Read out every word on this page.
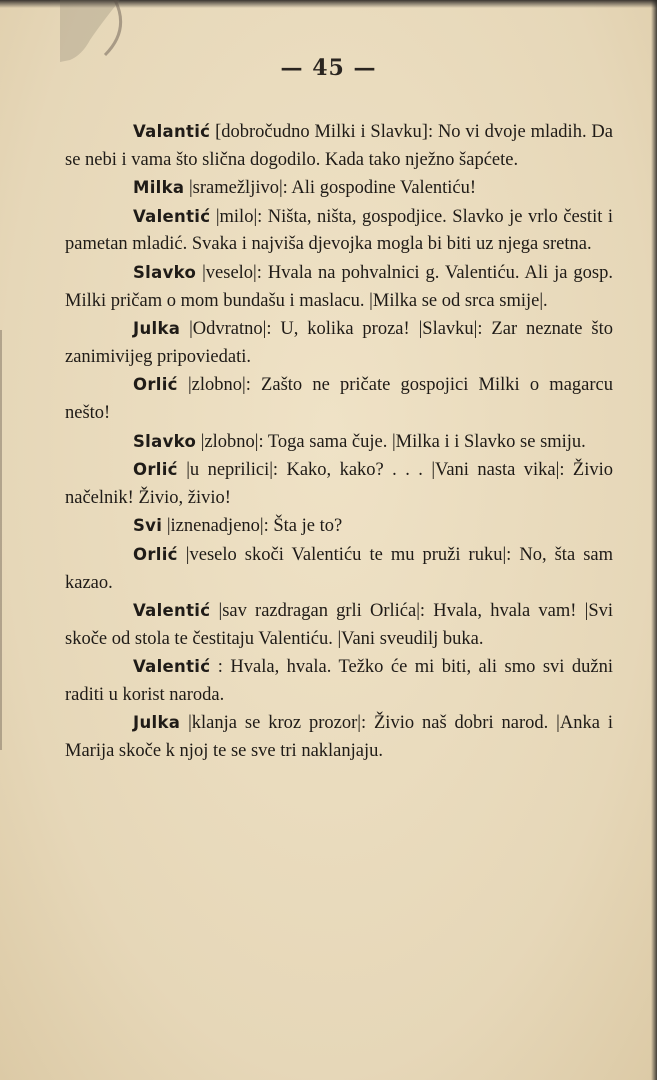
— 45 —

Valantić [dobročudno Milki i Slavku]: No vi dvoje mladih. Da se nebi i vama što slična dogodilo. Kada tako nježno šapćete.

Milka |sramežljivo|: Ali gospodine Valentiću!

Valentić |milo|: Ništa, ništa, gospodjice. Slavko je vrlo čestit i pametan mladić. Svaka i najviša djevojka mogla bi biti uz njega sretna.

Slavko |veselo|: Hvala na pohvalnici g. Valentiću. Ali ja gosp. Milki pričam o mom bundašu i maslacu. |Milka se od srca smije|.

Julka |Odvratno|: U, kolika proza! |Slavku|: Zar neznate što zanimivijeg pripoviedati.

Orlić |zlobno|: Zašto ne pričate gospojici Milki o magarcu nešto!

Slavko |zlobno|: Toga sama čuje. |Milka i i Slavko se smiju.

Orlić |u neprilici|: Kako, kako? . . . |Vani nasta vika|: Živio načelnik! Živio, živio!

Svi |iznenadjeno|: Šta je to?

Orlić |veselo skoči Valentiću te mu pruži ruku|: No, šta sam kazao.

Valentić |sav razdragan grli Orlića|: Hvala, hvala vam! |Svi skoče od stola te čestitaju Valentiću. |Vani sveudilj buka.

Valentić : Hvala, hvala. Težko će mi biti, ali smo svi dužni raditi u korist naroda.

Julka |klanja se kroz prozor|: Živio naš dobri narod. |Anka i Marija skoče k njoj te se sve tri naklanjaju.
